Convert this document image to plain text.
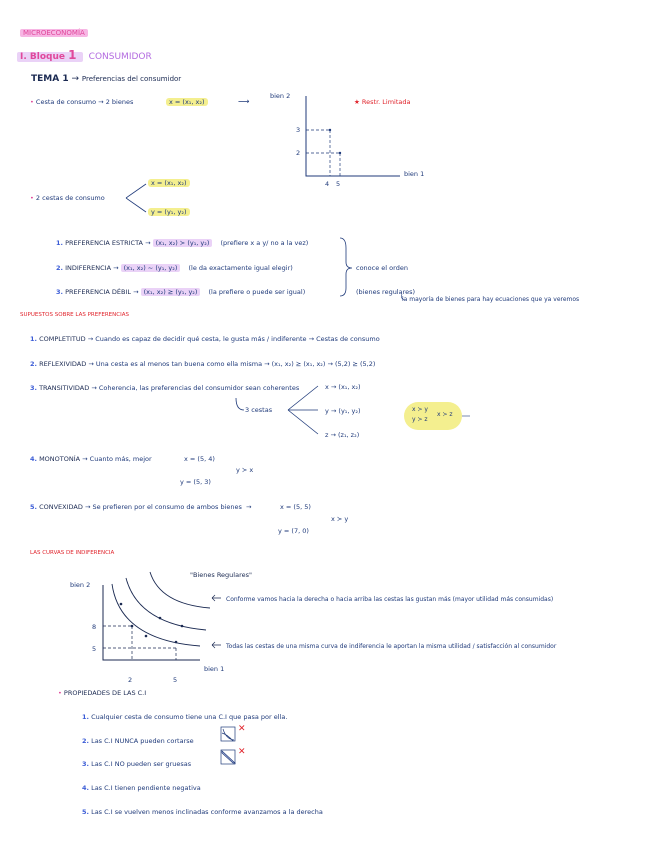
MICROECONOMÍA
I. Bloque 1 CONSUMIDOR
TEMA 1 → Preferencias del consumidor
• Cesta de consumo → 2 bienes	x = (x₁, x₂)	⟶
bien 2
bien 1
3
2
4 5
★ Restr. Limitada
• 2 cestas de consumo
x = (x₁, x₂)
y = (y₁, y₂)
1. PREFERENCIA ESTRICTA → (x₁, x₂) ≻ (y₁, y₂) (prefiere x a y/ no a la vez)
2. INDIFERENCIA → (x₁, x₂) ~ (y₁, y₂) (le da exactamente igual elegir)
3. PREFERENCIA DÉBIL → (x₁, x₂) ⪰ (y₁, y₂) (la prefiere o puede ser igual)
conoce el orden
(bienes regulares)
la mayoría de bienes para hay ecuaciones que ya veremos
SUPUESTOS SOBRE LAS PREFERENCIAS
1. COMPLETITUD → Cuando es capaz de decidir qué cesta, le gusta más / indiferente → Cestas de consumo
2. REFLEXIVIDAD → Una cesta es al menos tan buena como ella misma → (x₁, x₂) ⪰ (x₁, x₂) → (5,2) ⪰ (5,2)
3. TRANSITIVIDAD → Coherencia, las preferencias del consumidor sean coherentes
3 cestas
x → (x₁, x₂)
y → (y₁, y₂)
z → (z₁, z₂)
x ≻ y
y ≻ z
x ≻ z
4. MONOTONÍA → Cuanto más, mejor	x = (5, 4)
y ≻ x
y = (5, 3)
5. CONVEXIDAD → Se prefieren por el consumo de ambos bienes →	x = (5, 5)
x ≻ y
y = (7, 0)
LAS CURVAS DE INDIFERENCIA
"Bienes Regulares"
bien 2
bien 1
8
5
2	5
Conforme vamos hacia la derecha o hacia arriba las cestas las gustan más (mayor utilidad más consumidas)
Todas las cestas de una misma curva de indiferencia le aportan la misma utilidad / satisfacción al consumidor
• PROPIEDADES DE LAS C.I
1. Cualquier cesta de consumo tiene una C.I que pasa por ella.
2. Las C.I NUNCA pueden cortarse
3. Las C.I NO pueden ser gruesas
4. Las C.I tienen pendiente negativa
5. Las C.I se vuelven menos inclinadas conforme avanzamos a la derecha
✕
✕
